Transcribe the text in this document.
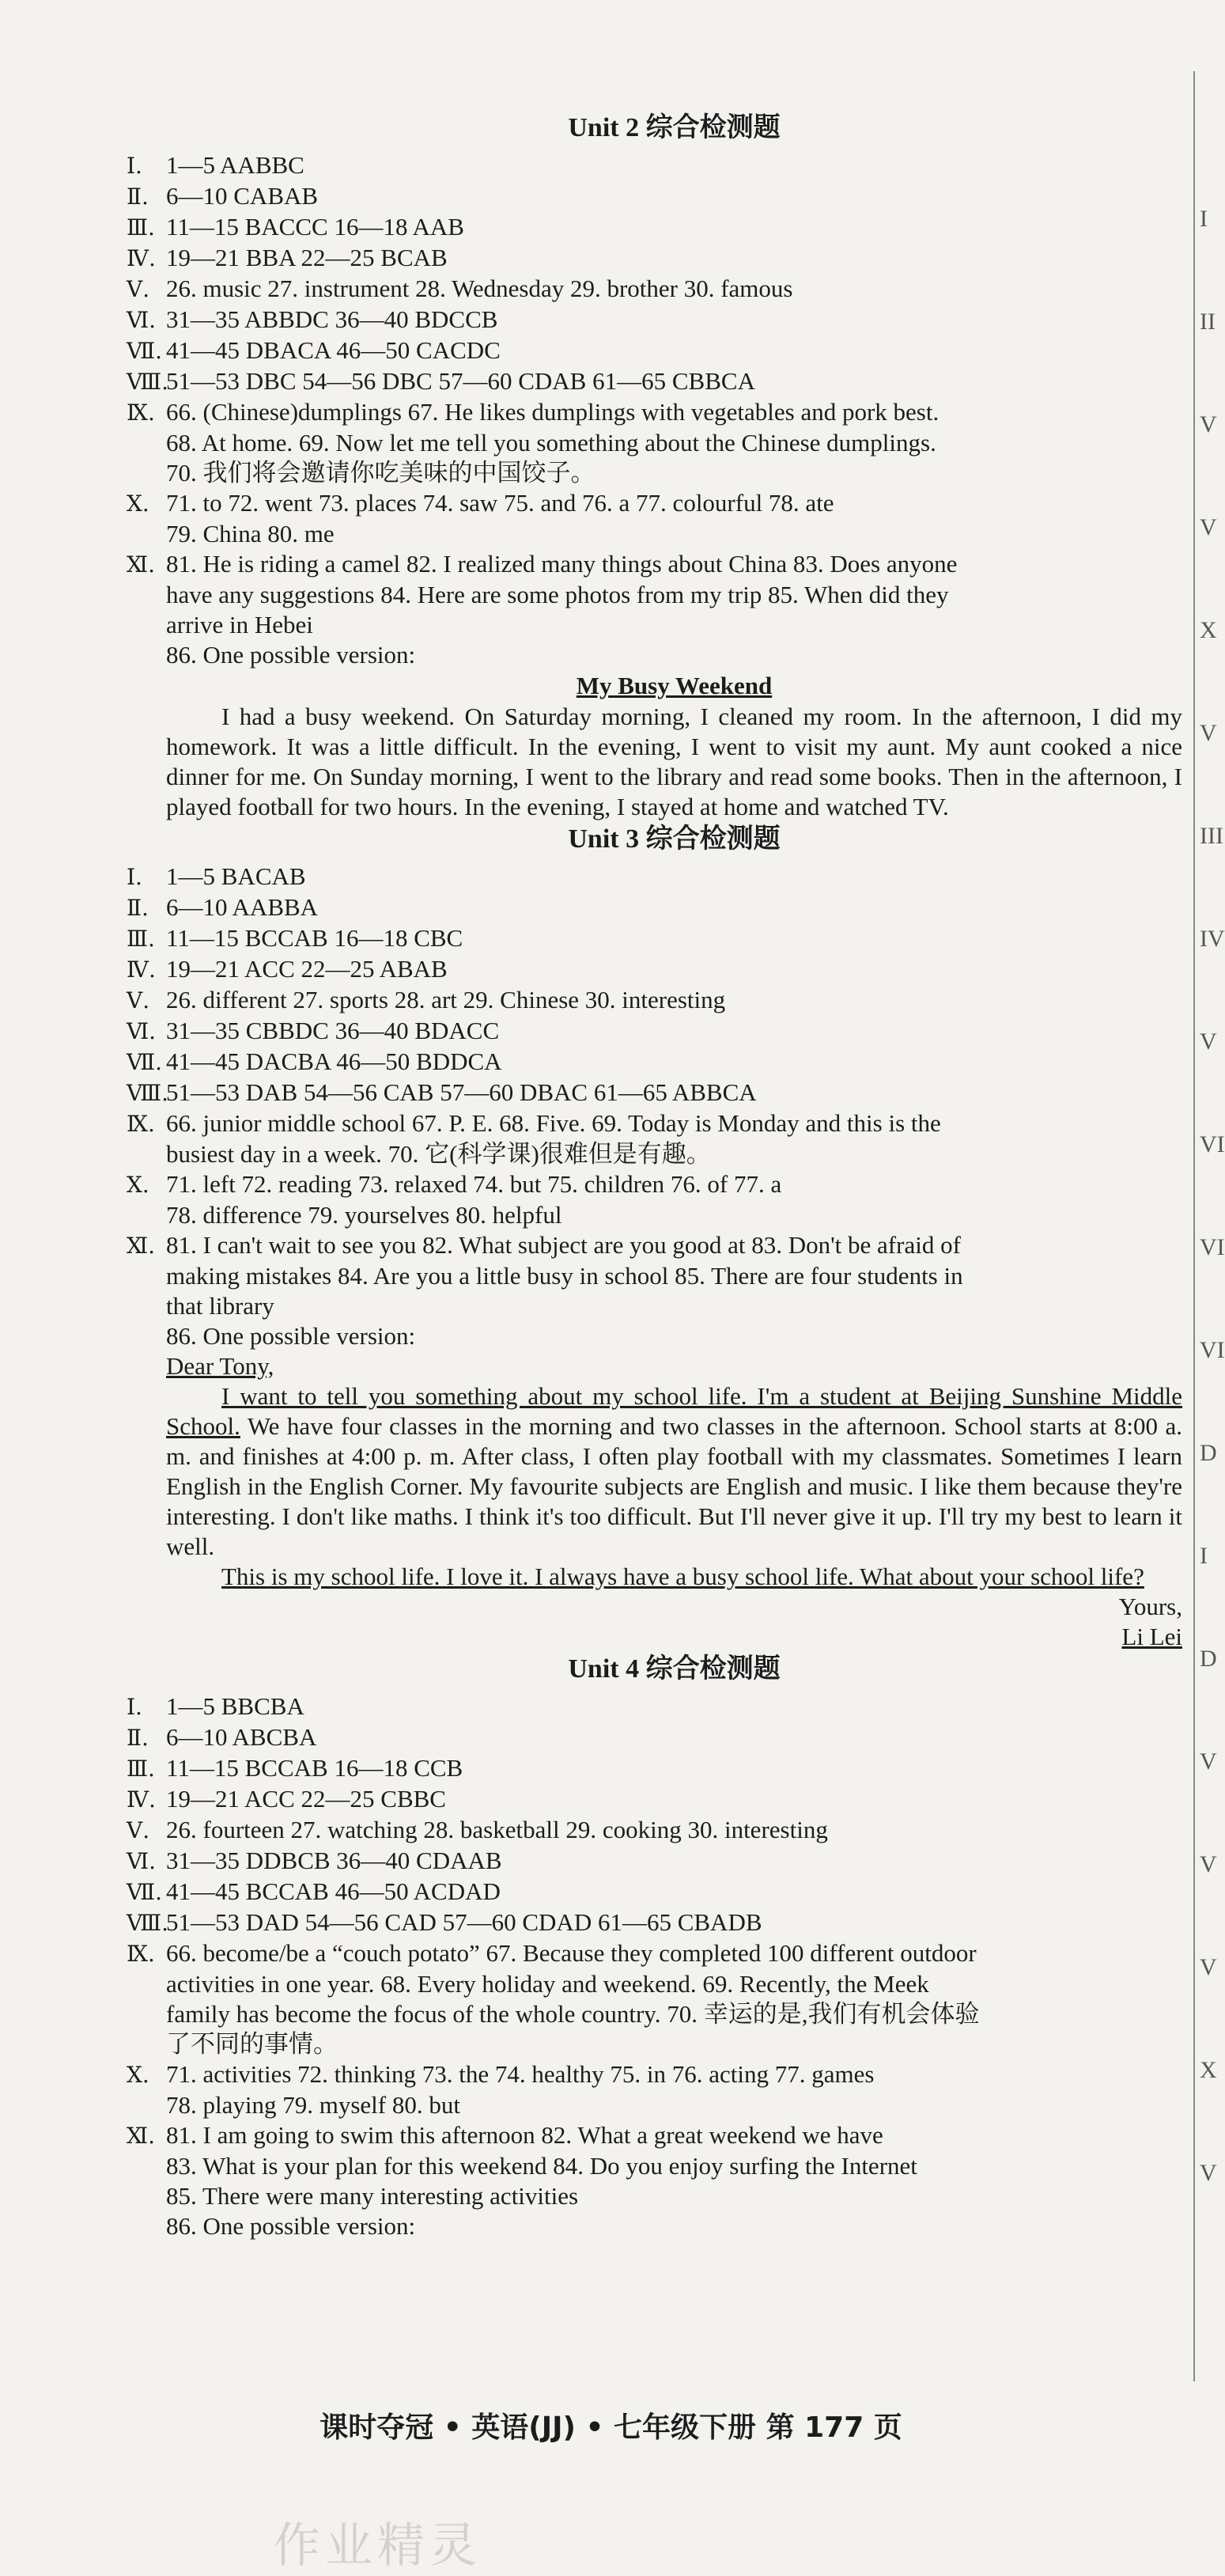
I
II
V
V
X
V
III
IV
V
VI
VI
VI
D
I
D
V
V
V
X
V
Unit 2 综合检测题
Ⅰ. 1—5 AABBC
Ⅱ. 6—10 CABAB
Ⅲ. 11—15 BACCC 16—18 AAB
Ⅳ. 19—21 BBA 22—25 BCAB
Ⅴ. 26. music 27. instrument 28. Wednesday 29. brother 30. famous
Ⅵ. 31—35 ABBDC 36—40 BDCCB
Ⅶ. 41—45 DBACA 46—50 CACDC
Ⅷ.51—53 DBC 54—56 DBC 57—60 CDAB 61—65 CBBCA
Ⅸ. 66. (Chinese)dumplings 67. He likes dumplings with vegetables and pork best.
68. At home. 69. Now let me tell you something about the Chinese dumplings.
70. 我们将会邀请你吃美味的中国饺子。
Ⅹ. 71. to 72. went 73. places 74. saw 75. and 76. a 77. colourful 78. ate
79. China 80. me
Ⅺ. 81. He is riding a camel 82. I realized many things about China 83. Does anyone
have any suggestions 84. Here are some photos from my trip 85. When did they
arrive in Hebei
86. One possible version:
My Busy Weekend
I had a busy weekend. On Saturday morning, I cleaned my room. In the afternoon, I did my homework. It was a little difficult. In the evening, I went to visit my aunt. My aunt cooked a nice dinner for me. On Sunday morning, I went to the library and read some books. Then in the afternoon, I played football for two hours. In the evening, I stayed at home and watched TV.
Unit 3 综合检测题
Ⅰ. 1—5 BACAB
Ⅱ. 6—10 AABBA
Ⅲ. 11—15 BCCAB 16—18 CBC
Ⅳ. 19—21 ACC 22—25 ABAB
Ⅴ. 26. different 27. sports 28. art 29. Chinese 30. interesting
Ⅵ. 31—35 CBBDC 36—40 BDACC
Ⅶ. 41—45 DACBA 46—50 BDDCA
Ⅷ.51—53 DAB 54—56 CAB 57—60 DBAC 61—65 ABBCA
Ⅸ. 66. junior middle school 67. P. E. 68. Five. 69. Today is Monday and this is the
busiest day in a week. 70. 它(科学课)很难但是有趣。
Ⅹ. 71. left 72. reading 73. relaxed 74. but 75. children 76. of 77. a
78. difference 79. yourselves 80. helpful
Ⅺ. 81. I can't wait to see you 82. What subject are you good at 83. Don't be afraid of
making mistakes 84. Are you a little busy in school 85. There are four students in
that library
86. One possible version:
Dear Tony,
I want to tell you something about my school life. I'm a student at Beijing Sunshine Middle School. We have four classes in the morning and two classes in the afternoon. School starts at 8:00 a. m. and finishes at 4:00 p. m. After class, I often play football with my classmates. Sometimes I learn English in the English Corner. My favourite subjects are English and music. I like them because they're interesting. I don't like maths. I think it's too difficult. But I'll never give it up. I'll try my best to learn it well.
This is my school life. I love it. I always have a busy school life. What about your school life?
Yours,
Li Lei
Unit 4 综合检测题
Ⅰ. 1—5 BBCBA
Ⅱ. 6—10 ABCBA
Ⅲ. 11—15 BCCAB 16—18 CCB
Ⅳ. 19—21 ACC 22—25 CBBC
Ⅴ. 26. fourteen 27. watching 28. basketball 29. cooking 30. interesting
Ⅵ. 31—35 DDBCB 36—40 CDAAB
Ⅶ. 41—45 BCCAB 46—50 ACDAD
Ⅷ.51—53 DAD 54—56 CAD 57—60 CDAD 61—65 CBADB
Ⅸ. 66. become/be a “couch potato” 67. Because they completed 100 different outdoor
activities in one year. 68. Every holiday and weekend. 69. Recently, the Meek
family has become the focus of the whole country. 70. 幸运的是,我们有机会体验
了不同的事情。
Ⅹ. 71. activities 72. thinking 73. the 74. healthy 75. in 76. acting 77. games
78. playing 79. myself 80. but
Ⅺ. 81. I am going to swim this afternoon 82. What a great weekend we have
83. What is your plan for this weekend 84. Do you enjoy surfing the Internet
85. There were many interesting activities
86. One possible version:
课时夺冠 • 英语(JJ) • 七年级下册 第 177 页
作业精灵
